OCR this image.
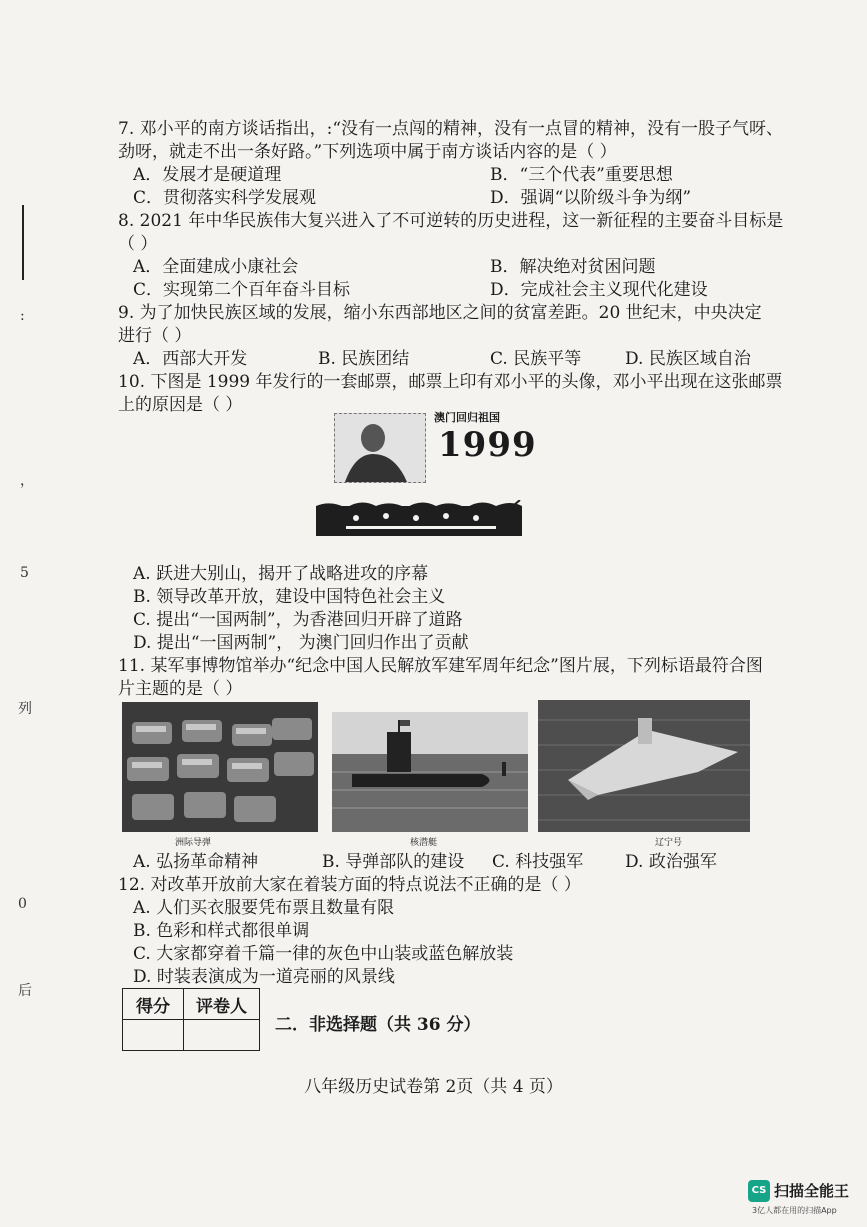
:
，
5
列
0
后
7. 邓小平的南方谈话指出，:“没有一点闯的精神，没有一点冒的精神，没有一股子气呀、
劲呀，就走不出一条好路。”下列选项中属于南方谈话内容的是（ ）
A．发展才是硬道理	B．“三个代表”重要思想
C．贯彻落实科学发展观	D．强调“以阶级斗争为纲”
8. 2021 年中华民族伟大复兴进入了不可逆转的历史进程，这一新征程的主要奋斗目标是
（ ）
A．全面建成小康社会	B．解决绝对贫困问题
C．实现第二个百年奋斗目标	D．完成社会主义现代化建设
9. 为了加快民族区域的发展，缩小东西部地区之间的贫富差距。20 世纪末，中央决定
进行（ ）
A．西部大开发	B. 民族团结	C. 民族平等	D. 民族区域自治
10. 下图是 1999 年发行的一套邮票，邮票上印有邓小平的头像，邓小平出现在这张邮票
上的原因是（ ）
澳门回归祖国
1999
A. 跃进大别山，揭开了战略进攻的序幕
B. 领导改革开放，建设中国特色社会主义
C. 提出“一国两制”，为香港回归开辟了道路
D. 提出“一国两制”， 为澳门回归作出了贡献
11. 某军事博物馆举办“纪念中国人民解放军建军周年纪念”图片展，下列标语最符合图
片主题的是（ ）
洲际导弹	核潜艇	辽宁号
A. 弘扬革命精神	B. 导弹部队的建设 C. 科技强军 D. 政治强军
12. 对改革开放前大家在着装方面的特点说法不正确的是（ ）
A. 人们买衣服要凭布票且数量有限
B. 色彩和样式都很单调
C. 大家都穿着千篇一律的灰色中山装或蓝色解放装
D. 时装表演成为一道亮丽的风景线
得分	评卷人

二．非选择题（共 36 分）
八年级历史试卷第 2页（共 4 页）
CS 扫描全能王
3亿人都在用的扫描App
